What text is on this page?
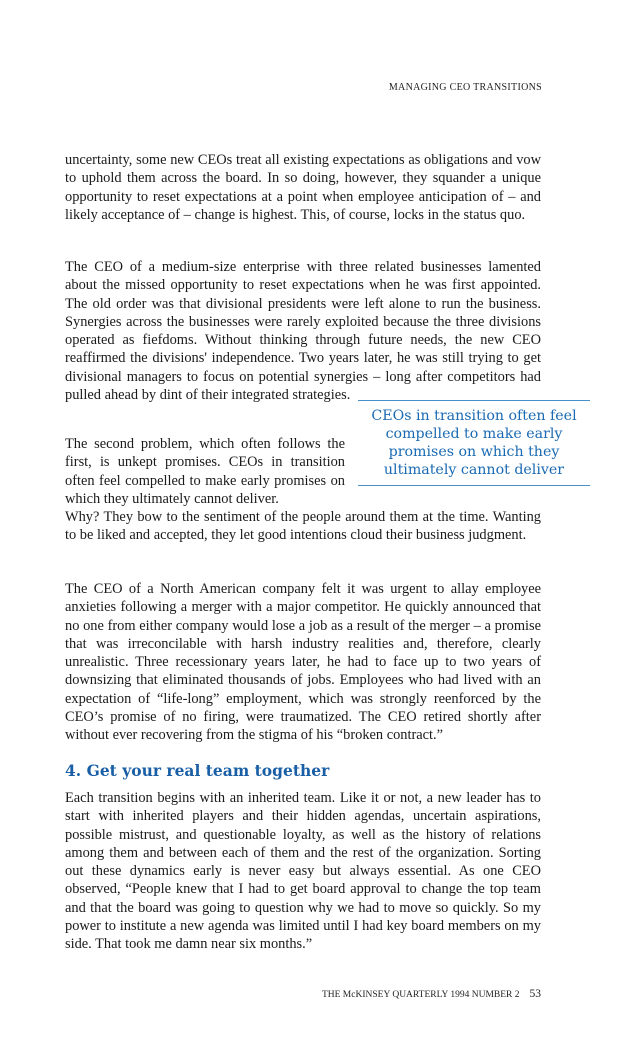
MANAGING CEO TRANSITIONS

uncertainty, some new CEOs treat all existing expectations as obligations and vow to uphold them across the board. In so doing, however, they squander a unique opportunity to reset expectations at a point when employee anticipation of – and likely acceptance of – change is highest. This, of course, locks in the status quo.

The CEO of a medium-size enterprise with three related businesses lamented about the missed opportunity to reset expectations when he was first appointed. The old order was that divisional presidents were left alone to run the business. Synergies across the businesses were rarely exploited because the three divisions operated as fiefdoms. Without thinking through future needs, the new CEO reaffirmed the divisions' independence. Two years later, he was still trying to get divisional managers to focus on potential synergies – long after competitors had pulled ahead by dint of their integrated strategies.

The second problem, which often follows the first, is unkept promises. CEOs in transition often feel compelled to make early promises on which they ultimately cannot deliver.

Why? They bow to the sentiment of the people around them at the time. Wanting to be liked and accepted, they let good intentions cloud their business judgment.

CEOs in transition often feel compelled to make early promises on which they ultimately cannot deliver

The CEO of a North American company felt it was urgent to allay employee anxieties following a merger with a major competitor. He quickly announced that no one from either company would lose a job as a result of the merger – a promise that was irreconcilable with harsh industry realities and, therefore, clearly unrealistic. Three recessionary years later, he had to face up to two years of downsizing that eliminated thousands of jobs. Employees who had lived with an expectation of “life-long” employment, which was strongly reenforced by the CEO’s promise of no firing, were traumatized. The CEO retired shortly after without ever recovering from the stigma of his “broken contract.”

4. Get your real team together

Each transition begins with an inherited team. Like it or not, a new leader has to start with inherited players and their hidden agendas, uncertain aspirations, possible mistrust, and questionable loyalty, as well as the history of relations among them and between each of them and the rest of the organization. Sorting out these dynamics early is never easy but always essential. As one CEO observed, “People knew that I had to get board approval to change the top team and that the board was going to question why we had to move so quickly. So my power to institute a new agenda was limited until I had key board members on my side. That took me damn near six months.”

THE McKINSEY QUARTERLY 1994 NUMBER 2 53
